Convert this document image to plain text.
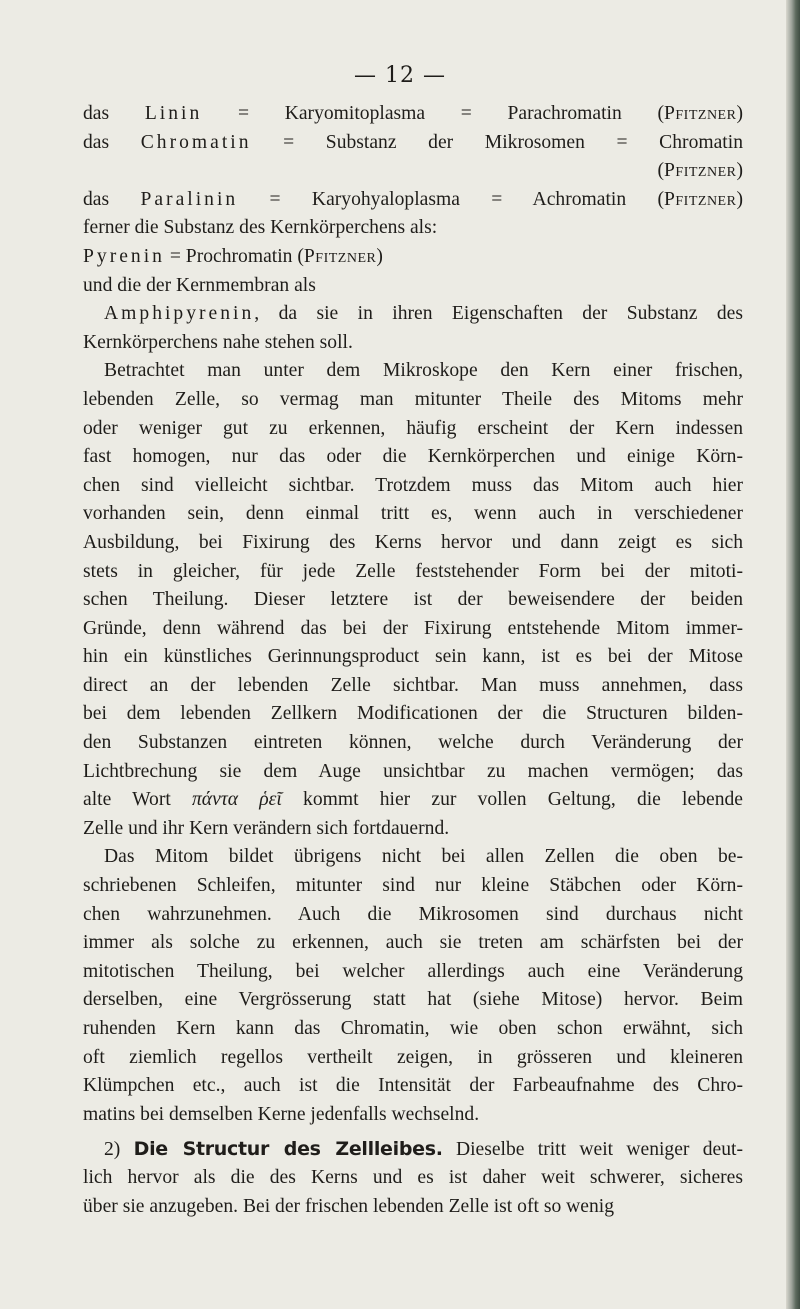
— 12 —
das Linin = Karyomitoplasma = Parachromatin (Pfitzner)
das Chromatin = Substanz der Mikrosomen = Chromatin
(Pfitzner)
das Paralinin = Karyohyaloplasma = Achromatin (Pfitzner)
ferner die Substanz des Kernkörperchens als:
Pyrenin = Prochromatin (Pfitzner)
und die der Kernmembran als
Amphipyrenin, da sie in ihren Eigenschaften der Substanz des
Kernkörperchens nahe stehen soll.
Betrachtet man unter dem Mikroskope den Kern einer frischen,
lebenden Zelle, so vermag man mitunter Theile des Mitoms mehr
oder weniger gut zu erkennen, häufig erscheint der Kern indessen
fast homogen, nur das oder die Kernkörperchen und einige Körn-
chen sind vielleicht sichtbar. Trotzdem muss das Mitom auch hier
vorhanden sein, denn einmal tritt es, wenn auch in verschiedener
Ausbildung, bei Fixirung des Kerns hervor und dann zeigt es sich
stets in gleicher, für jede Zelle feststehender Form bei der mitoti-
schen Theilung. Dieser letztere ist der beweisendere der beiden
Gründe, denn während das bei der Fixirung entstehende Mitom immer-
hin ein künstliches Gerinnungsproduct sein kann, ist es bei der Mitose
direct an der lebenden Zelle sichtbar. Man muss annehmen, dass
bei dem lebenden Zellkern Modificationen der die Structuren bilden-
den Substanzen eintreten können, welche durch Veränderung der
Lichtbrechung sie dem Auge unsichtbar zu machen vermögen; das
alte Wort πάντα ῥεῖ kommt hier zur vollen Geltung, die lebende
Zelle und ihr Kern verändern sich fortdauernd.
Das Mitom bildet übrigens nicht bei allen Zellen die oben be-
schriebenen Schleifen, mitunter sind nur kleine Stäbchen oder Körn-
chen wahrzunehmen. Auch die Mikrosomen sind durchaus nicht
immer als solche zu erkennen, auch sie treten am schärfsten bei der
mitotischen Theilung, bei welcher allerdings auch eine Veränderung
derselben, eine Vergrösserung statt hat (siehe Mitose) hervor. Beim
ruhenden Kern kann das Chromatin, wie oben schon erwähnt, sich
oft ziemlich regellos vertheilt zeigen, in grösseren und kleineren
Klümpchen etc., auch ist die Intensität der Farbeaufnahme des Chro-
matins bei demselben Kerne jedenfalls wechselnd.
2) Die Structur des Zellleibes. Dieselbe tritt weit weniger deut-
lich hervor als die des Kerns und es ist daher weit schwerer, sicheres
über sie anzugeben. Bei der frischen lebenden Zelle ist oft so wenig
